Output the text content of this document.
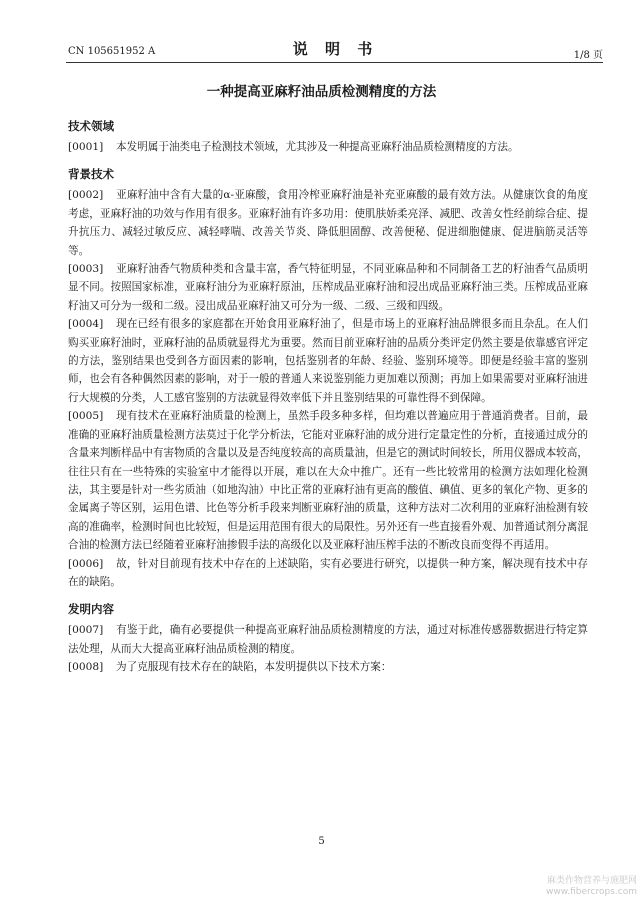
CN 105651952 A	说 明 书	1/8 页
一种提高亚麻籽油品质检测精度的方法

技术领域

[0001] 本发明属于油类电子检测技术领域，尤其涉及一种提高亚麻籽油品质检测精度的方法。

背景技术

[0002] 亚麻籽油中含有大量的α-亚麻酸，食用冷榨亚麻籽油是补充亚麻酸的最有效方法。从健康饮食的角度考虑，亚麻籽油的功效与作用有很多。亚麻籽油有许多功用：使肌肤娇柔亮泽、减肥、改善女性经前综合症、提升抗压力、减轻过敏反应、减轻哮喘、改善关节炎、降低胆固醇、改善便秘、促进细胞健康、促进脑筋灵活等等。

[0003] 亚麻籽油香气物质种类和含量丰富，香气特征明显，不同亚麻品种和不同制备工艺的籽油香气品质明显不同。按照国家标准，亚麻籽油分为亚麻籽原油，压榨成品亚麻籽油和浸出成品亚麻籽油三类。压榨成品亚麻籽油又可分为一级和二级。浸出成品亚麻籽油又可分为一级、二级、三级和四级。

[0004] 现在已经有很多的家庭都在开始食用亚麻籽油了，但是市场上的亚麻籽油品牌很多而且杂乱。在人们购买亚麻籽油时，亚麻籽油的品质就显得尤为重要。然而目前亚麻籽油的品质分类评定仍然主要是依靠感官评定的方法，鉴别结果也受到各方面因素的影响，包括鉴别者的年龄、经验、鉴别环境等。即便是经验丰富的鉴别师，也会有各种偶然因素的影响，对于一般的普通人来说鉴别能力更加难以预测；再加上如果需要对亚麻籽油进行大规模的分类，人工感官鉴别的方法就显得效率低下并且鉴别结果的可靠性得不到保障。

[0005] 现有技术在亚麻籽油质量的检测上，虽然手段多种多样，但均难以普遍应用于普通消费者。目前，最准确的亚麻籽油质量检测方法莫过于化学分析法，它能对亚麻籽油的成分进行定量定性的分析，直接通过成分的含量来判断样品中有害物质的含量以及是否纯度较高的高质量油，但是它的测试时间较长，所用仪器成本较高，往往只有在一些特殊的实验室中才能得以开展，难以在大众中推广。还有一些比较常用的检测方法如理化检测法，其主要是针对一些劣质油（如地沟油）中比正常的亚麻籽油有更高的酸值、碘值、更多的氧化产物、更多的金属离子等区别，运用色谱、比色等分析手段来判断亚麻籽油的质量，这种方法对二次利用的亚麻籽油检测有较高的准确率，检测时间也比较短，但是运用范围有很大的局限性。另外还有一些直接看外观、加普通试剂分离混合油的检测方法已经随着亚麻籽油掺假手法的高级化以及亚麻籽油压榨手法的不断改良而变得不再适用。

[0006] 故，针对目前现有技术中存在的上述缺陷，实有必要进行研究，以提供一种方案，解决现有技术中存在的缺陷。

发明内容

[0007] 有鉴于此，确有必要提供一种提高亚麻籽油品质检测精度的方法，通过对标准传感器数据进行特定算法处理，从而大大提高亚麻籽油品质检测的精度。

[0008] 为了克服现有技术存在的缺陷，本发明提供以下技术方案：

5
麻类作物营养与施肥网
www.fibercrops.com
